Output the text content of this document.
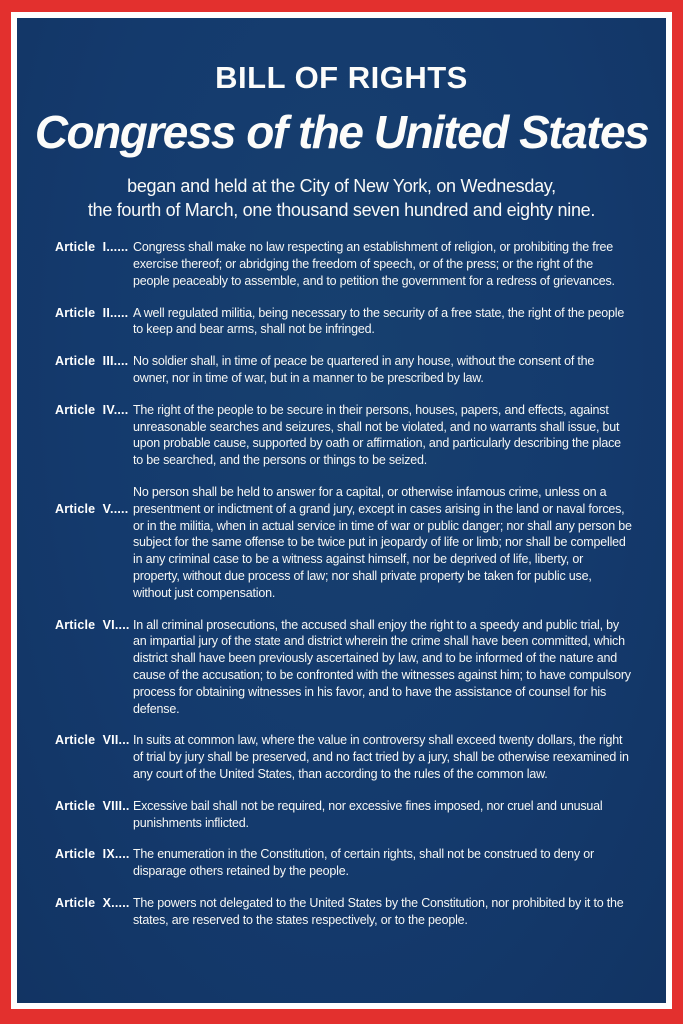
BILL OF RIGHTS
Congress of the United States
began and held at the City of New York, on Wednesday,
the fourth of March, one thousand seven hundred and eighty nine.
Article  I...... Congress shall make no law respecting an establishment of religion, or prohibiting the free exercise thereof; or abridging the freedom of speech, or of the press; or the right of the people peaceably to assemble, and to petition the government for a redress of grievances.
Article  II..... A well regulated militia, being necessary to the security of a free state, the right of the people to keep and bear arms, shall not be infringed.
Article  III.... No soldier shall, in time of peace be quartered in any house, without the consent of the owner, nor in time of war, but in a manner to be prescribed by law.
Article  IV.... The right of the people to be secure in their persons, houses, papers, and effects, against unreasonable searches and seizures, shall not be violated, and no warrants shall issue, but upon probable cause, supported by oath or affirmation, and particularly describing the place to be searched, and the persons or things to be seized.
Article  V.....
No person shall be held to answer for a capital, or otherwise infamous crime, unless on a presentment or indictment of a grand jury, except in cases arising in the land or naval forces, or in the militia, when in actual service in time of war or public danger; nor shall any person be subject for the same offense to be twice put in jeopardy of life or limb; nor shall be compelled in any criminal case to be a witness against himself, nor be deprived of life, liberty, or property, without due process of law; nor shall private property be taken for public use, without just compensation.
Article  VI.... In all criminal prosecutions, the accused shall enjoy the right to a speedy and public trial, by an impartial jury of the state and district wherein the crime shall have been committed, which district shall have been previously ascertained by law, and to be informed of the nature and cause of the accusation; to be confronted with the witnesses against him; to have compulsory process for obtaining witnesses in his favor, and to have the assistance of counsel for his defense.
Article  VII... In suits at common law, where the value in controversy shall exceed twenty dollars, the right of trial by jury shall be preserved, and no fact tried by a jury, shall be otherwise reexamined in any court of the United States, than according to the rules of the common law.
Article  VIII.. Excessive bail shall not be required, nor excessive fines imposed, nor cruel and unusual punishments inflicted.
Article  IX.... The enumeration in the Constitution, of certain rights, shall not be construed to deny or disparage others retained by the people.
Article  X..... The powers not delegated to the United States by the Constitution, nor prohibited by it to the states, are reserved to the states respectively, or to the people.
